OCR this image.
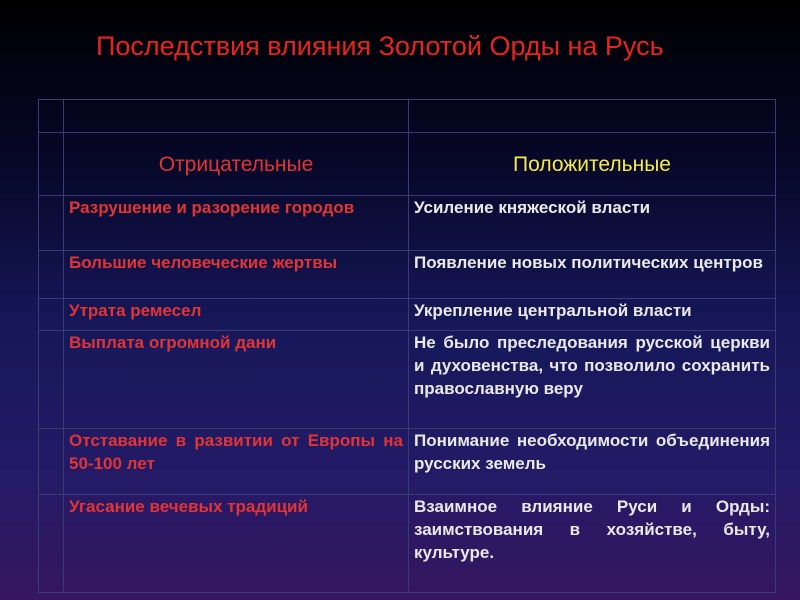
Последствия влияния Золотой Орды на Русь

	Отрицательные	Положительные
	Разрушение и разорение городов	Усиление княжеской власти
	Большие человеческие жертвы	Появление новых политических центров
	Утрата ремесел	Укрепление центральной власти
	Выплата огромной дани	Не было преследования русской церкви и духовенства, что позволило сохранить православную веру
	Отставание в развитии от Европы на 50-100 лет	Понимание необходимости объединения русских земель
	Угасание вечевых традиций	Взаимное влияние Руси и Орды: заимствования в хозяйстве, быту, культуре.
